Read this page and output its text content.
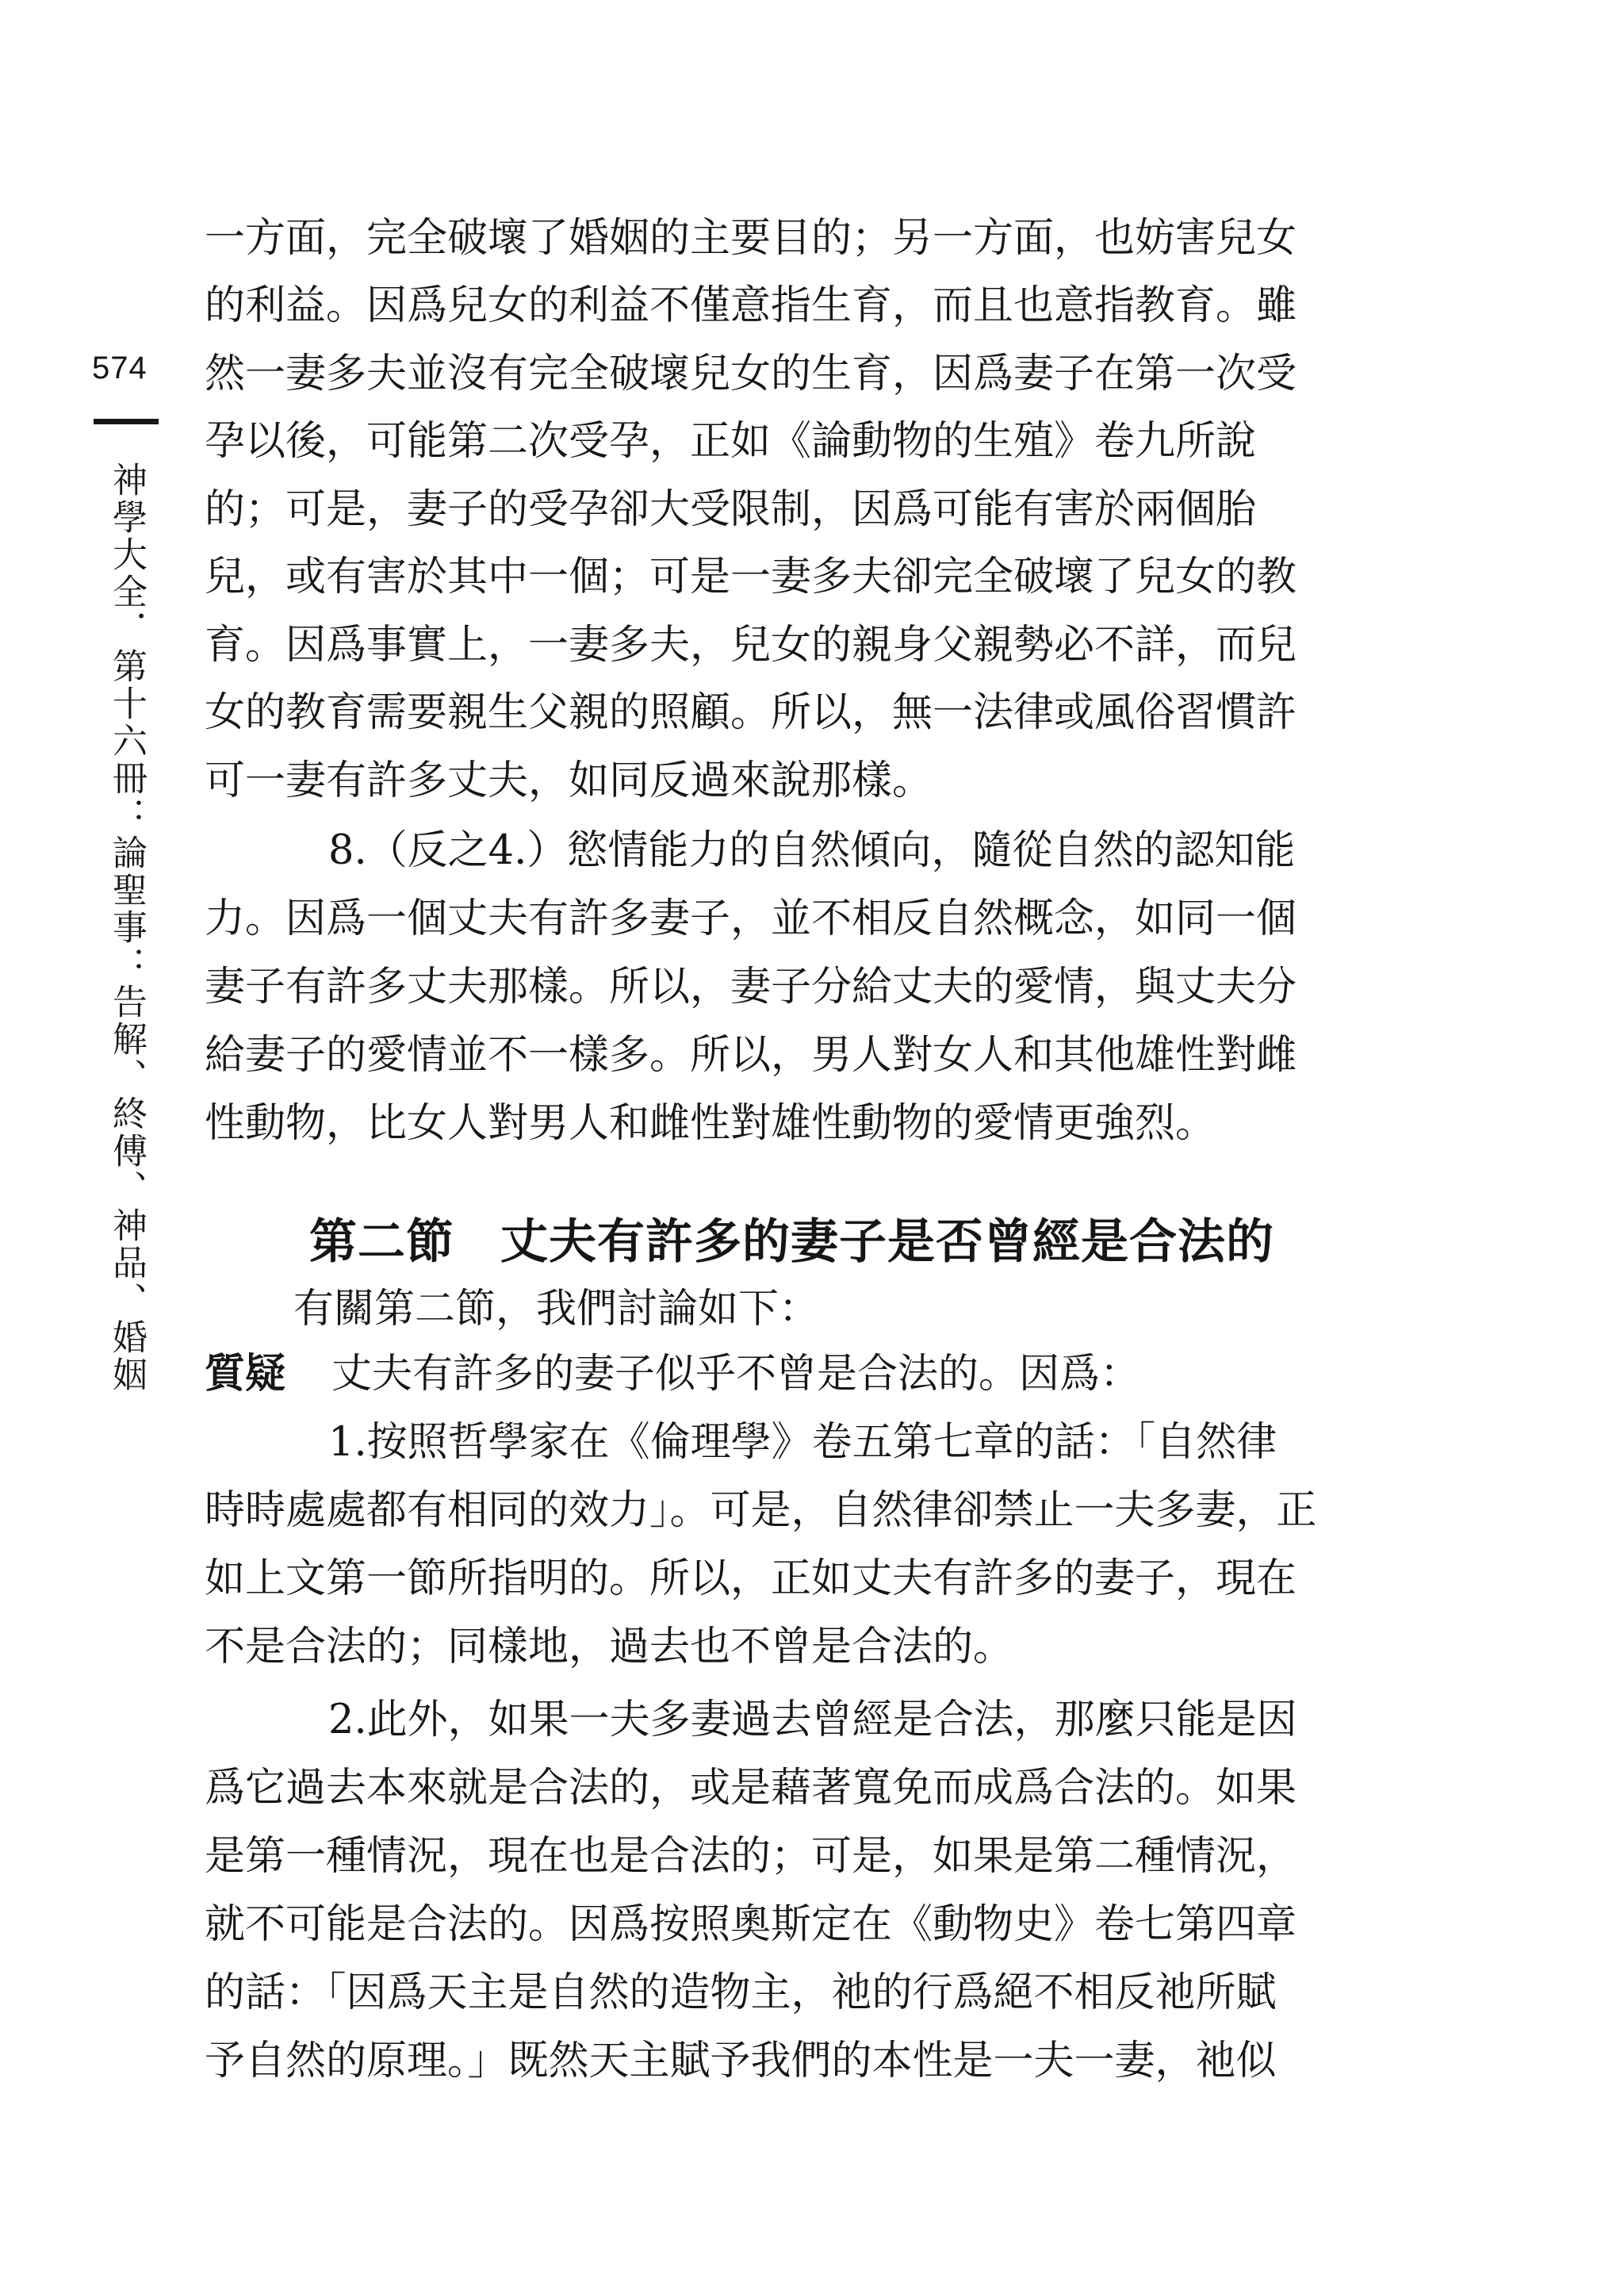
574
神學大全．第十六冊：論聖事：告解、終傅、神品、婚姻
一方面，完全破壞了婚姻的主要目的；另一方面，也妨害兒女
的利益。因爲兒女的利益不僅意指生育，而且也意指教育。雖
然一妻多夫並沒有完全破壞兒女的生育，因爲妻子在第一次受
孕以後，可能第二次受孕，正如《論動物的生殖》卷九所說
的；可是，妻子的受孕卻大受限制，因爲可能有害於兩個胎
兒，或有害於其中一個；可是一妻多夫卻完全破壞了兒女的教
育。因爲事實上，一妻多夫，兒女的親身父親勢必不詳，而兒
女的教育需要親生父親的照顧。所以，無一法律或風俗習慣許
可一妻有許多丈夫，如同反過來說那樣。
8.（反之4.）慾情能力的自然傾向，隨從自然的認知能
力。因爲一個丈夫有許多妻子，並不相反自然概念，如同一個
妻子有許多丈夫那樣。所以，妻子分給丈夫的愛情，與丈夫分
給妻子的愛情並不一樣多。所以，男人對女人和其他雄性對雌
性動物，比女人對男人和雌性對雄性動物的愛情更強烈。
第二節 丈夫有許多的妻子是否曾經是合法的
有關第二節，我們討論如下：
質疑 丈夫有許多的妻子似乎不曾是合法的。因爲：
1.按照哲學家在《倫理學》卷五第七章的話：「自然律
時時處處都有相同的效力」。可是，自然律卻禁止一夫多妻，正
如上文第一節所指明的。所以，正如丈夫有許多的妻子，現在
不是合法的；同樣地，過去也不曾是合法的。
2.此外，如果一夫多妻過去曾經是合法，那麼只能是因
爲它過去本來就是合法的，或是藉著寬免而成爲合法的。如果
是第一種情況，現在也是合法的；可是，如果是第二種情況，
就不可能是合法的。因爲按照奧斯定在《動物史》卷七第四章
的話：「因爲天主是自然的造物主，祂的行爲絕不相反祂所賦
予自然的原理。」既然天主賦予我們的本性是一夫一妻，祂似
